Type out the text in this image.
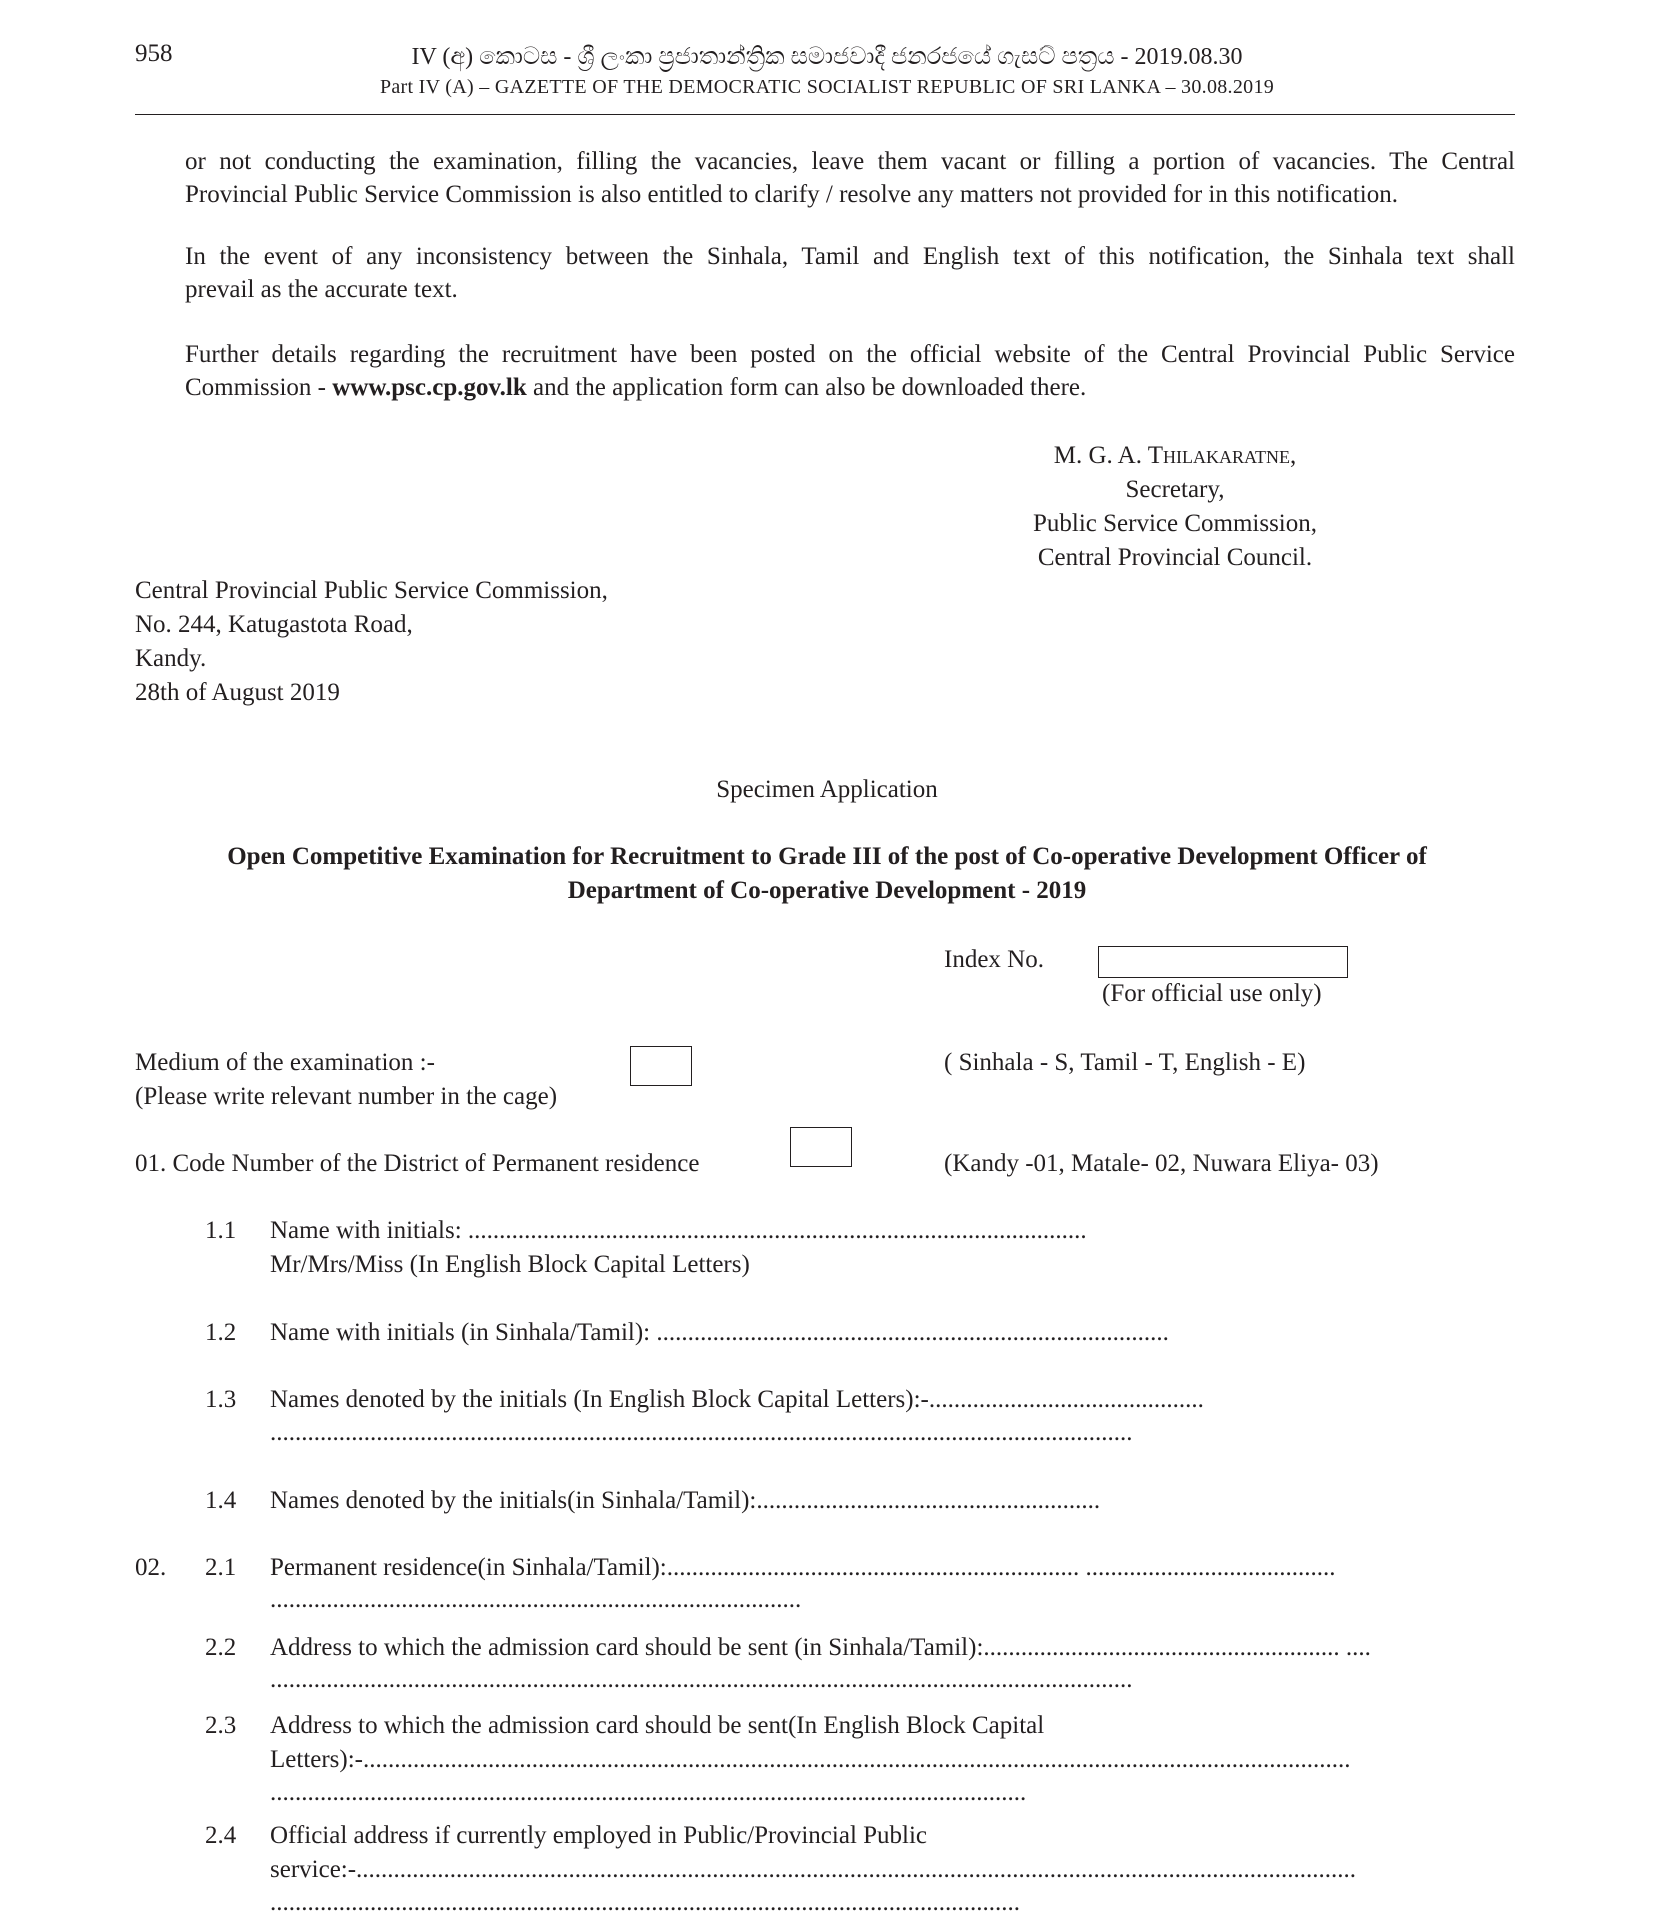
958	IV (අ) කොටස - ශ්‍රී ලංකා ප්‍රජාතාන්ත්‍රික සමාජවාදී ජනරජයේ ගැසට් පත්‍රය - 2019.08.30
Part IV (A) – GAZETTE OF THE DEMOCRATIC SOCIALIST REPUBLIC OF SRI LANKA – 30.08.2019
or not conducting the examination, filling the vacancies, leave them vacant or filling a portion of vacancies. The Central
Provincial Public Service Commission is also entitled to clarify / resolve any matters not provided for in this notification.
In the event of any inconsistency between the Sinhala, Tamil and English text of this notification, the Sinhala text shall
prevail as the accurate text.
Further details regarding the recruitment have been posted on the official website of the Central Provincial Public Service
Commission - www.psc.cp.gov.lk and the application form can also be downloaded there.
M. G. A. Thilakaratne,
Secretary,
Public Service Commission,
Central Provincial Council.
Central Provincial Public Service Commission,
No. 244, Katugastota Road,
Kandy.
28th of August 2019
Specimen Application
Open Competitive Examination for Recruitment to Grade III of the post of Co-operative Development Officer of
Department of Co-operative Development - 2019
Index No.
(For official use only)
Medium of the examination :-
(Please write relevant number in the cage)
( Sinhala - S, Tamil - T, English - E)
01. Code Number of the District of Permanent residence	(Kandy -01, Matale- 02, Nuwara Eliya- 03)
1.1 Name with initials: ...................................................................................................
Mr/Mrs/Miss (In English Block Capital Letters)
1.2 Name with initials (in Sinhala/Tamil): ..................................................................................
1.3 Names denoted by the initials (In English Block Capital Letters):-............................................
..........................................................................................................................................
1.4 Names denoted by the initials(in Sinhala/Tamil):.......................................................
02. 2.1 Permanent residence(in Sinhala/Tamil):.................................................................. ........................................
.....................................................................................
2.2 Address to which the admission card should be sent (in Sinhala/Tamil):......................................................... ....
..........................................................................................................................................
2.3 Address to which the admission card should be sent(In English Block Capital
Letters):-..............................................................................................................................................................
.........................................................................................................................
2.4 Official address if currently employed in Public/Provincial Public
service:-................................................................................................................................................................
........................................................................................................................
